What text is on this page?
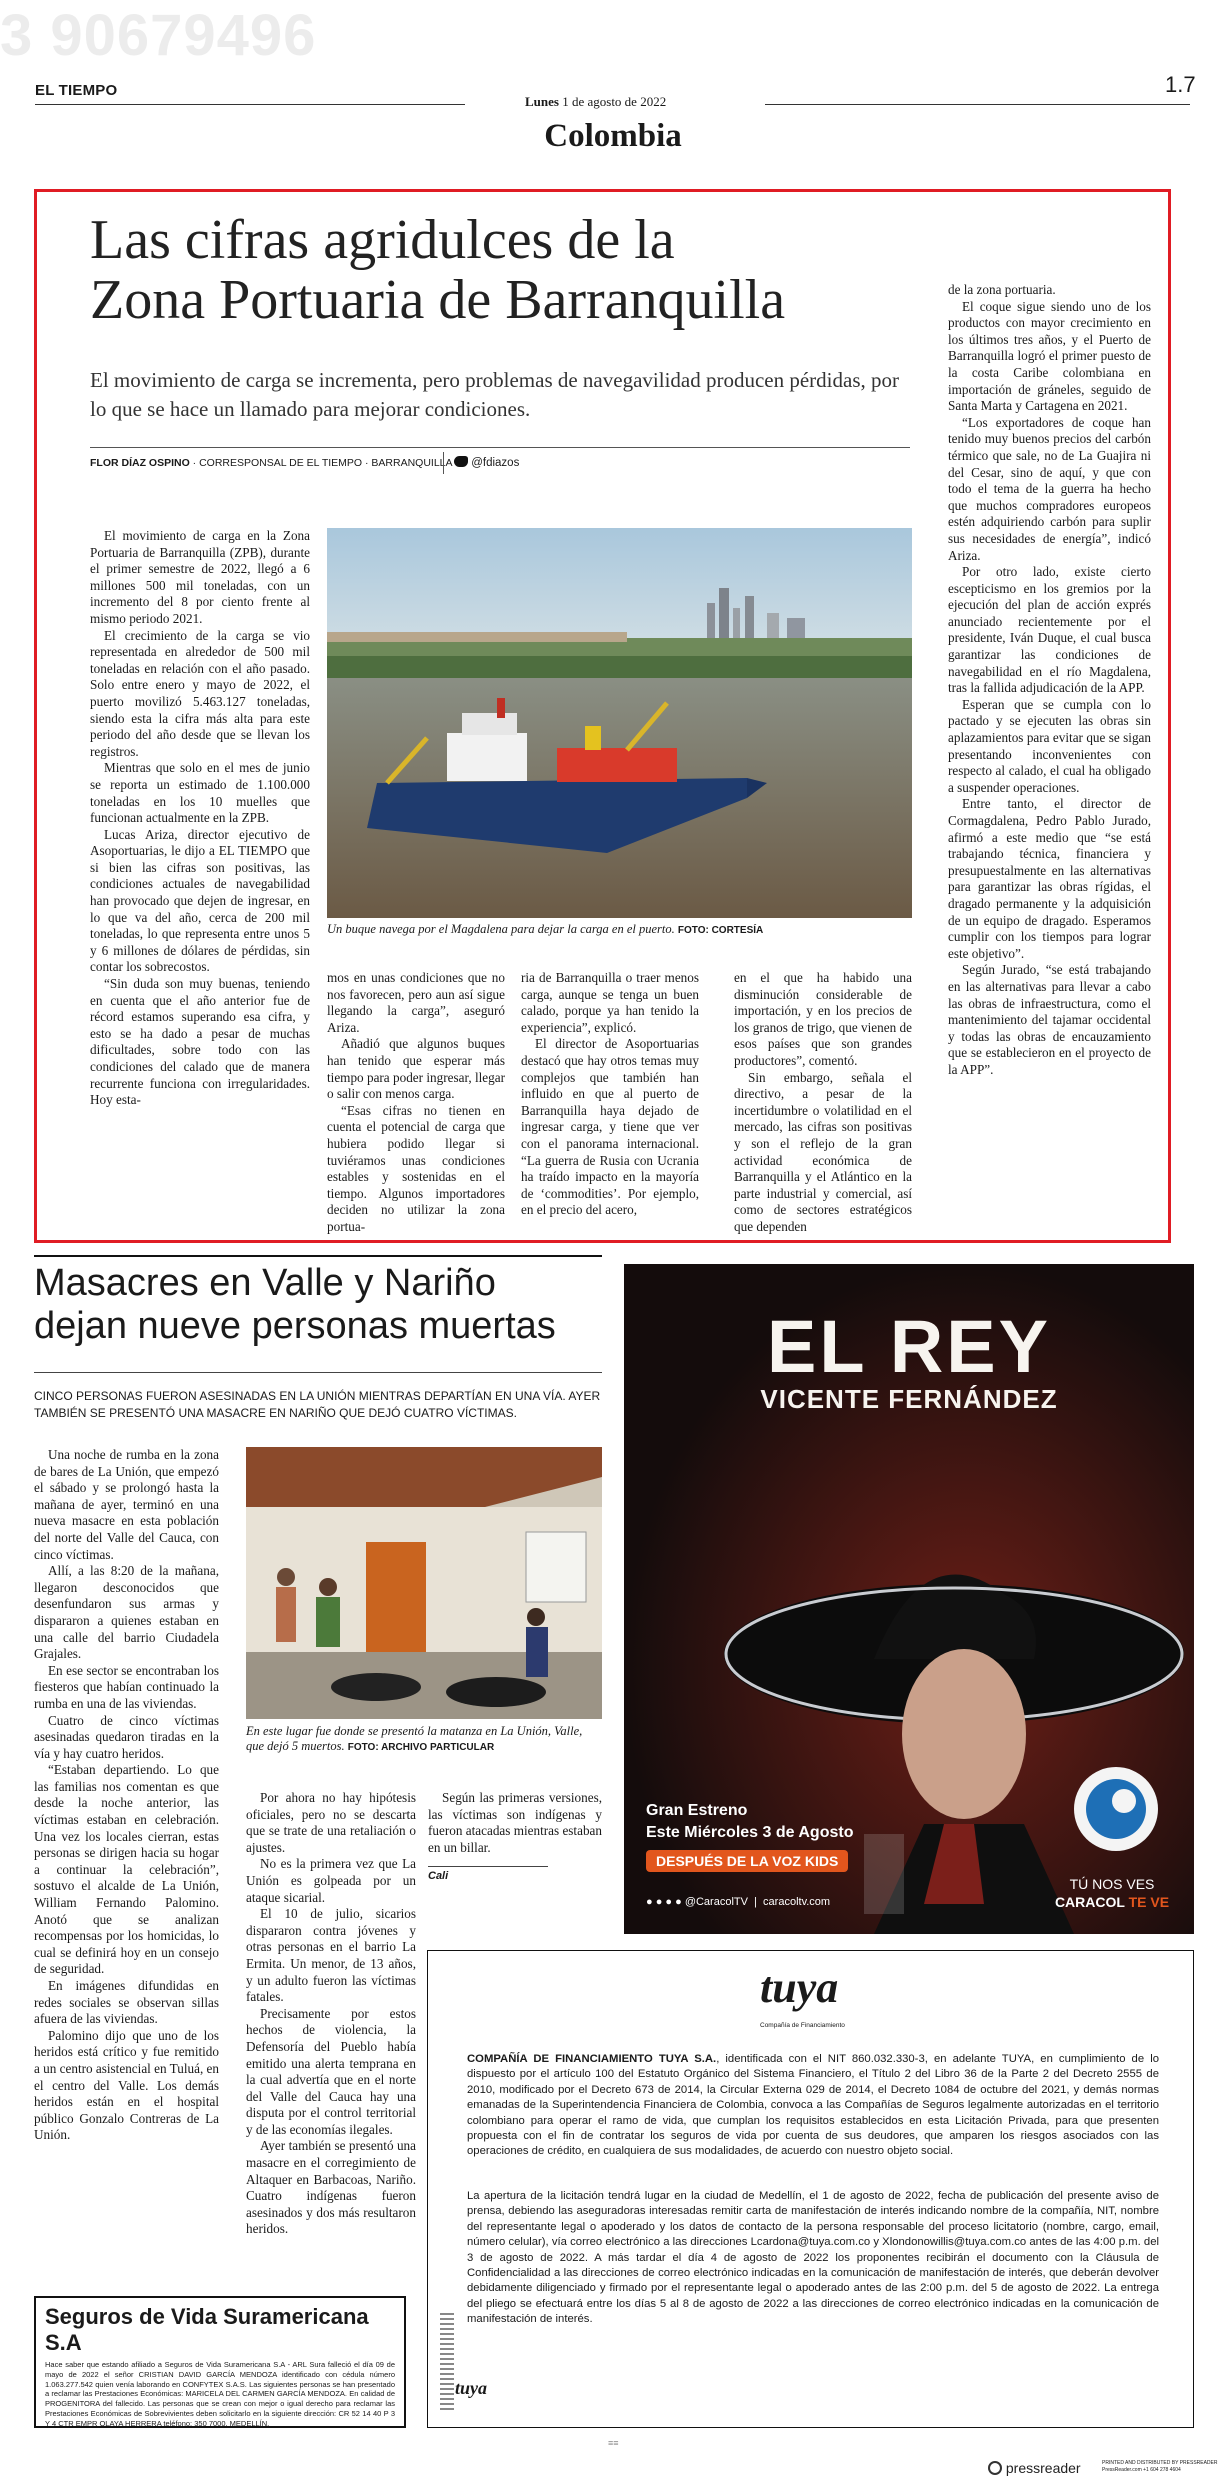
3 90679496
EL TIEMPO
Lunes 1 de agosto de 2022
1.7
Colombia
Las cifras agridulces de la
Zona Portuaria de Barranquilla
El movimiento de carga se incrementa, pero problemas de navegavilidad producen pérdidas, por lo que se hace un llamado para mejorar condiciones.
FLOR DÍAZ OSPINO · CORRESPONSAL DE EL TIEMPO · BARRANQUILLA	@fdiazos
Un buque navega por el Magdalena para dejar la carga en el puerto. FOTO: CORTESÍA

El movimiento de carga en la Zona Portuaria de Barranquilla (ZPB), durante el primer semestre de 2022, llegó a 6 millones 500 mil toneladas, con un incremento del 8 por ciento frente al mismo periodo 2021.

El crecimiento de la carga se vio representada en alrededor de 500 mil toneladas en relación con el año pasado. Solo entre enero y mayo de 2022, el puerto movilizó 5.463.127 toneladas, siendo esta la cifra más alta para este periodo del año desde que se llevan los registros.

Mientras que solo en el mes de junio se reporta un estimado de 1.100.000 toneladas en los 10 muelles que funcionan actualmente en la ZPB.

Lucas Ariza, director ejecutivo de Asoportuarias, le dijo a EL TIEMPO que si bien las cifras son positivas, las condiciones actuales de navegabilidad han provocado que dejen de ingresar, en lo que va del año, cerca de 200 mil toneladas, lo que representa entre unos 5 y 6 millones de dólares de pérdidas, sin contar los sobrecostos.

“Sin duda son muy buenas, teniendo en cuenta que el año anterior fue de récord estamos superando esa cifra, y esto se ha dado a pesar de muchas dificultades, sobre todo con las condiciones del calado que de manera recurrente funciona con irregularidades. Hoy esta-

mos en unas condiciones que no nos favorecen, pero aun así sigue llegando la carga”, aseguró Ariza.

Añadió que algunos buques han tenido que esperar más tiempo para poder ingresar, llegar o salir con menos carga.

“Esas cifras no tienen en cuenta el potencial de carga que hubiera podido llegar si tuviéramos unas condiciones estables y sostenidas en el tiempo. Algunos importadores deciden no utilizar la zona portua-

ria de Barranquilla o traer menos carga, aunque se tenga un buen calado, porque ya han tenido la experiencia”, explicó.

El director de Asoportuarias destacó que hay otros temas muy complejos que también han influido en que al puerto de Barranquilla haya dejado de ingresar carga, y tiene que ver con el panorama internacional. “La guerra de Rusia con Ucrania ha traído impacto en la mayoría de ‘commodities’. Por ejemplo, en el precio del acero,

en el que ha habido una disminución considerable de importación, y en los precios de los granos de trigo, que vienen de esos países que son grandes productores”, comentó.

Sin embargo, señala el directivo, a pesar de la incertidumbre o volatilidad en el mercado, las cifras son positivas y son el reflejo de la gran actividad económica de Barranquilla y el Atlántico en la parte industrial y comercial, así como de sectores estratégicos que dependen

de la zona portuaria.

El coque sigue siendo uno de los productos con mayor crecimiento en los últimos tres años, y el Puerto de Barranquilla logró el primer puesto de la costa Caribe colombiana en importación de gráneles, seguido de Santa Marta y Cartagena en 2021.

“Los exportadores de coque han tenido muy buenos precios del carbón térmico que sale, no de La Guajira ni del Cesar, sino de aquí, y que con todo el tema de la guerra ha hecho que muchos compradores europeos estén adquiriendo carbón para suplir sus necesidades de energía”, indicó Ariza.

Por otro lado, existe cierto escepticismo en los gremios por la ejecución del plan de acción exprés anunciado recientemente por el presidente, Iván Duque, el cual busca garantizar las condiciones de navegabilidad en el río Magdalena, tras la fallida adjudicación de la APP.

Esperan que se cumpla con lo pactado y se ejecuten las obras sin aplazamientos para evitar que se sigan presentando inconvenientes con respecto al calado, el cual ha obligado a suspender operaciones.

Entre tanto, el director de Cormagdalena, Pedro Pablo Jurado, afirmó a este medio que “se está trabajando técnica, financiera y presupuestalmente en las alternativas para garantizar las obras rígidas, el dragado permanente y la adquisición de un equipo de dragado. Esperamos cumplir con los tiempos para lograr este objetivo”.

Según Jurado, “se está trabajando en las alternativas para llevar a cabo las obras de infraestructura, como el mantenimiento del tajamar occidental y todas las obras de encauzamiento que se establecieron en el proyecto de la APP”.

Masacres en Valle y Nariño
dejan nueve personas muertas
CINCO PERSONAS FUERON ASESINADAS EN LA UNIÓN MIENTRAS DEPARTÍAN EN UNA VÍA. AYER TAMBIÉN SE PRESENTÓ UNA MASACRE EN NARIÑO QUE DEJÓ CUATRO VÍCTIMAS.
En este lugar fue donde se presentó la matanza en La Unión, Valle, que dejó 5 muertos. FOTO: ARCHIVO PARTICULAR

Una noche de rumba en la zona de bares de La Unión, que empezó el sábado y se prolongó hasta la mañana de ayer, terminó en una nueva masacre en esta población del norte del Valle del Cauca, con cinco víctimas.

Allí, a las 8:20 de la mañana, llegaron desconocidos que desenfundaron sus armas y dispararon a quienes estaban en una calle del barrio Ciudadela Grajales.

En ese sector se encontraban los fiesteros que habían continuado la rumba en una de las viviendas.

Cuatro de cinco víctimas asesinadas quedaron tiradas en la vía y hay cuatro heridos.

“Estaban departiendo. Lo que las familias nos comentan es que desde la noche anterior, las víctimas estaban en celebración. Una vez los locales cierran, estas personas se dirigen hacia su hogar a continuar la celebración”, sostuvo el alcalde de La Unión, William Fernando Palomino. Anotó que se analizan recompensas por los homicidas, lo cual se definirá hoy en un consejo de seguridad.

En imágenes difundidas en redes sociales se observan sillas afuera de las viviendas.

Palomino dijo que uno de los heridos está crítico y fue remitido a un centro asistencial en Tuluá, en el centro del Valle. Los demás heridos están en el hospital público Gonzalo Contreras de La Unión.

Por ahora no hay hipótesis oficiales, pero no se descarta que se trate de una retaliación o ajustes.

No es la primera vez que La Unión es golpeada por un ataque sicarial.

El 10 de julio, sicarios dispararon contra jóvenes y otras personas en el barrio La Ermita. Un menor, de 13 años, y un adulto fueron las víctimas fatales.

Precisamente por estos hechos de violencia, la Defensoría del Pueblo había emitido una alerta temprana en la cual advertía que en el norte del Valle del Cauca hay una disputa por el control territorial y de las economías ilegales.

Ayer también se presentó una masacre en el corregimiento de Altaquer en Barbacoas, Nariño. Cuatro indígenas fueron asesinados y dos más resultaron heridos.

Según las primeras versiones, las víctimas son indígenas y fueron atacadas mientras estaban en un billar.

Cali
Seguros de Vida Suramericana S.A
Hace saber que estando afiliado a Seguros de Vida Suramericana S.A - ARL Sura falleció el día 09 de mayo de 2022 el señor CRISTIAN DAVID GARCÍA MENDOZA identificado con cédula número 1.063.277.542 quien venía laborando en CONFYTEX S.A.S. Las siguientes personas se han presentado a reclamar las Prestaciones Económicas: MARICELA DEL CARMEN GARCÍA MENDOZA. En calidad de PROGENITORA del fallecido. Las personas que se crean con mejor o igual derecho para reclamar las Prestaciones Económicas de Sobrevivientes deben solicitarlo en la siguiente dirección: CR 52 14 40 P 3 Y 4 CTR EMPR OLAYA HERRERA teléfono: 350 7000, MEDELLÍN.
EL REY
VICENTE FERNÁNDEZ
Gran Estreno
Este Miércoles 3 de Agosto
DESPUÉS DE LA VOZ KIDS
● ● ● ● @CaracolTV  |  caracoltv.com
TÚ NOS VES
CARACOL TE VE
tuya
Compañía de Financiamiento
COMPAÑÍA DE FINANCIAMIENTO TUYA S.A., identificada con el NIT 860.032.330-3, en adelante TUYA, en cumplimiento de lo dispuesto por el artículo 100 del Estatuto Orgánico del Sistema Financiero, el Título 2 del Libro 36 de la Parte 2 del Decreto 2555 de 2010, modificado por el Decreto 673 de 2014, la Circular Externa 029 de 2014, el Decreto 1084 de octubre del 2021, y demás normas emanadas de la Superintendencia Financiera de Colombia, convoca a las Compañías de Seguros legalmente autorizadas en el territorio colombiano para operar el ramo de vida, que cumplan los requisitos establecidos en esta Licitación Privada, para que presenten propuesta con el fin de contratar los seguros de vida por cuenta de sus deudores, que amparen los riesgos asociados con las operaciones de crédito, en cualquiera de sus modalidades, de acuerdo con nuestro objeto social.
La apertura de la licitación tendrá lugar en la ciudad de Medellín, el 1 de agosto de 2022, fecha de publicación del presente aviso de prensa, debiendo las aseguradoras interesadas remitir carta de manifestación de interés indicando nombre de la compañía, NIT, nombre del representante legal o apoderado y los datos de contacto de la persona responsable del proceso licitatorio (nombre, cargo, email, número celular), vía correo electrónico a las direcciones Lcardona@tuya.com.co y Xlondonowillis@tuya.com.co antes de las 4:00 p.m. del 3 de agosto de 2022. A más tardar el día 4 de agosto de 2022 los proponentes recibirán el documento con la Cláusula de Confidencialidad a las direcciones de correo electrónico indicadas en la comunicación de manifestación de interés, que deberán devolver debidamente diligenciado y firmado por el representante legal o apoderado antes de las 2:00 p.m. del 5 de agosto de 2022. La entrega del pliego se efectuará entre los días 5 al 8 de agosto de 2022 a las direcciones de correo electrónico indicadas en la comunicación de manifestación de interés.
tuya
≡≡
pressreader	PRINTED AND DISTRIBUTED BY PRESSREADER
PressReader.com +1 604 278 4604
